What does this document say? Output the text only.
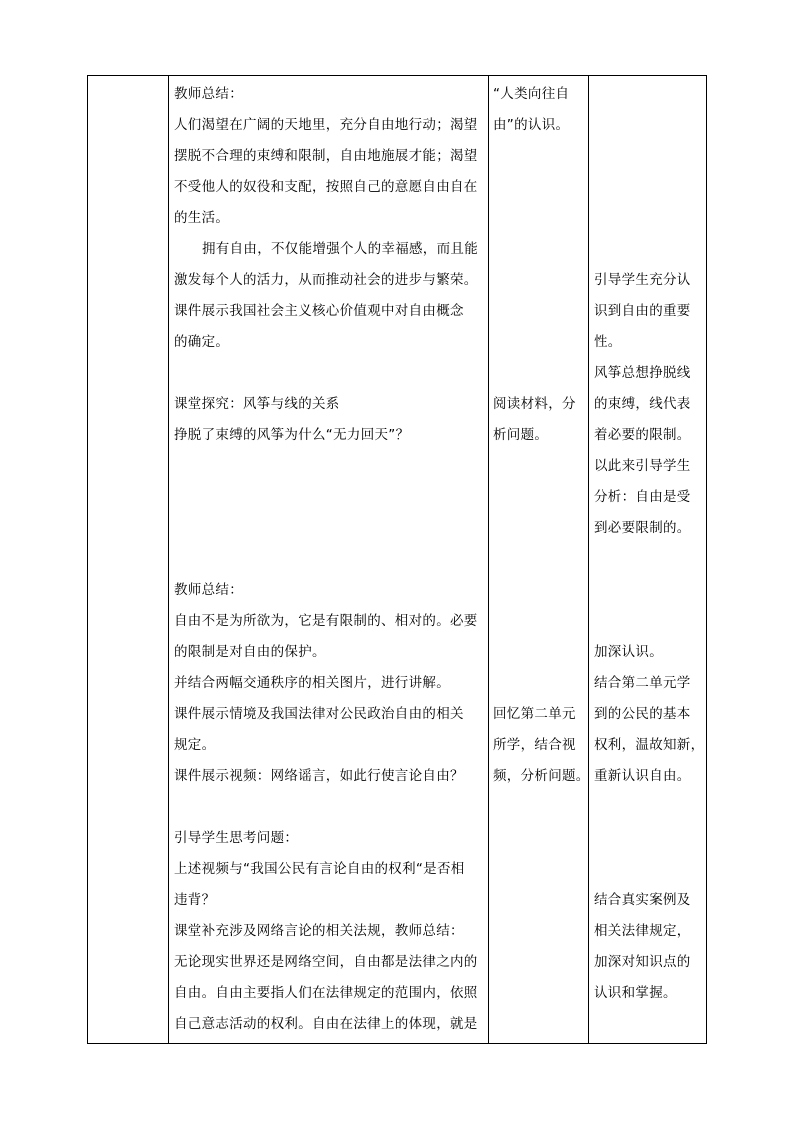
教师总结：
人们渴望在广阔的天地里，充分自由地行动；渴望
摆脱不合理的束缚和限制，自由地施展才能；渴望
不受他人的奴役和支配，按照自己的意愿自由自在
的生活。
拥有自由，不仅能增强个人的幸福感，而且能
激发每个人的活力，从而推动社会的进步与繁荣。
课件展示我国社会主义核心价值观中对自由概念
的确定。
课堂探究：风筝与线的关系
挣脱了束缚的风筝为什么“无力回天”？
教师总结：
自由不是为所欲为，它是有限制的、相对的。必要
的限制是对自由的保护。
并结合两幅交通秩序的相关图片，进行讲解。
课件展示情境及我国法律对公民政治自由的相关
规定。
课件展示视频：网络谣言，如此行使言论自由？
引导学生思考问题：
上述视频与“我国公民有言论自由的权利“是否相
违背？
课堂补充涉及网络言论的相关法规，教师总结：
无论现实世界还是网络空间，自由都是法律之内的
自由。自由主要指人们在法律规定的范围内，依照
自己意志活动的权利。自由在法律上的体现，就是
“人类向往自
由”的认识。
阅读材料，分
析问题。
回忆第二单元
所学，结合视
频，分析问题。
引导学生充分认
识到自由的重要
性。
风筝总想挣脱线
的束缚，线代表
着必要的限制。
以此来引导学生
分析：自由是受
到必要限制的。
加深认识。
结合第二单元学
到的公民的基本
权利，温故知新，
重新认识自由。
结合真实案例及
相关法律规定，
加深对知识点的
认识和掌握。
